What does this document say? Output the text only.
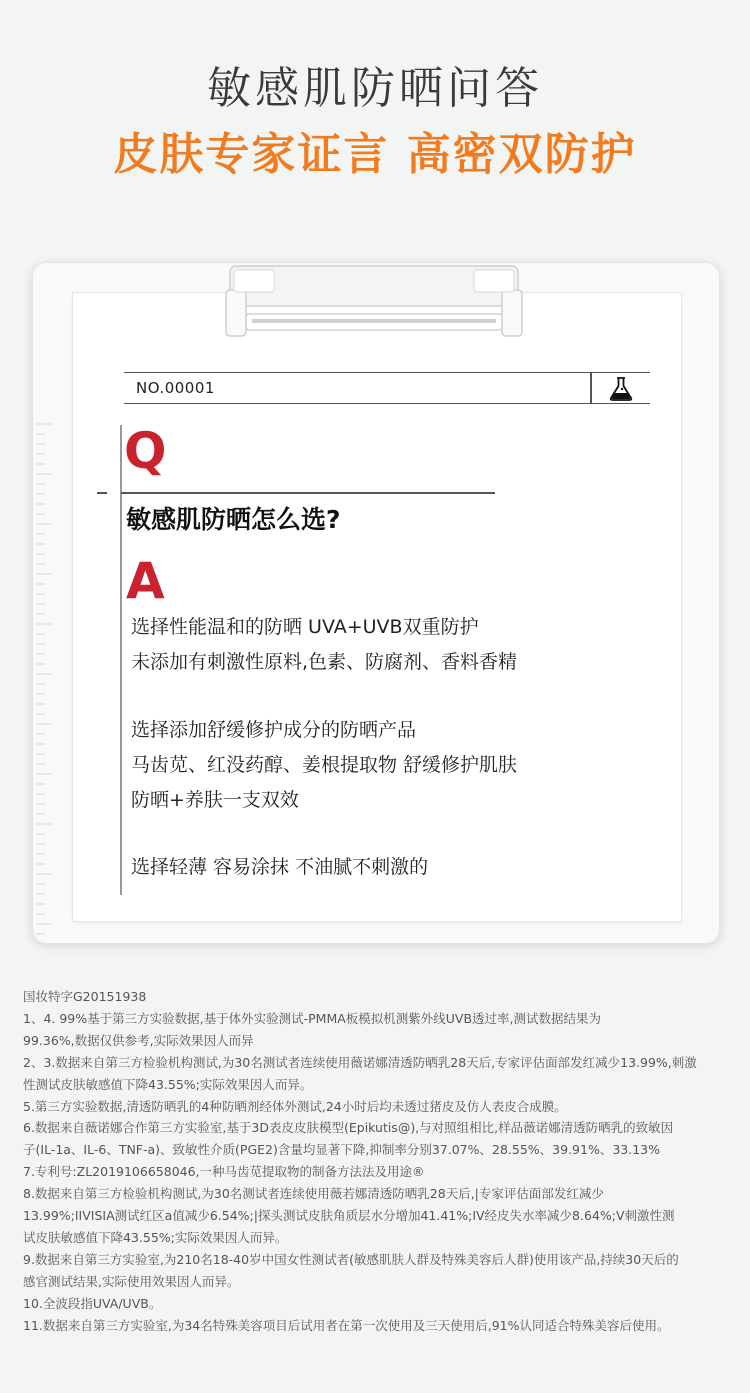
敏感肌防晒问答
皮肤专家证言 高密双防护
NO.00001
Q
敏感肌防晒怎么选?
A
选择性能温和的防晒 UVA+UVB双重防护
未添加有刺激性原料,色素、防腐剂、香料香精
选择添加舒缓修护成分的防晒产品
马齿苋、红没药醇、姜根提取物 舒缓修护肌肤
防晒+养肤一支双效
选择轻薄 容易涂抹 不油腻不刺激的

国妆特字G20151938

1、4. 99%基于第三方实验数据,基于体外实验测试-PMMA板模拟机测紫外线UVB透过率,测试数据结果为

99.36%,数据仅供参考,实际效果因人而异

2、3.数据来自第三方检验机构测试,为30名测试者连续使用薇诺娜清透防晒乳28天后,专家评估面部发红减少13.99%,刺激

性测试皮肤敏感值下降43.55%;实际效果因人而异。

5.第三方实验数据,清透防晒乳的4种防晒剂经体外测试,24小时后均未透过猪皮及仿人表皮合成膜。

6.数据来自薇诺娜合作第三方实验室,基于3D表皮皮肤模型(Epikutis@),与对照组相比,样品薇诺娜清透防晒乳的致敏因

子(IL-1a、IL-6、TNF-a)、致敏性介质(PGE2)含量均显著下降,抑制率分别37.07%、28.55%、39.91%、33.13%

7.专利号:ZL2019106658046,一种马齿苋提取物的制备方法法及用途®

8.数据来自第三方检验机构测试,为30名测试者连续使用薇若娜清透防晒乳28天后,|专家评估面部发红减少

13.99%;IIVISIA测试红区a值减少6.54%;|探头测试皮肤角质层水分增加41.41%;IV经皮失水率减少8.64%;V刺激性测

试皮肤敏感值下降43.55%;实际效果因人而异。

9.数据来自第三方实验室,为210名18-40岁中国女性测试者(敏感肌肤人群及特殊美容后人群)使用该产品,持续30天后的

感官测试结果,实际使用效果因人而异。

10.全波段指UVA/UVB。

11.数据来自第三方实验室,为34名特殊美容项目后试用者在第一次使用及三天使用后,91%认同适合特殊美容后使用。
